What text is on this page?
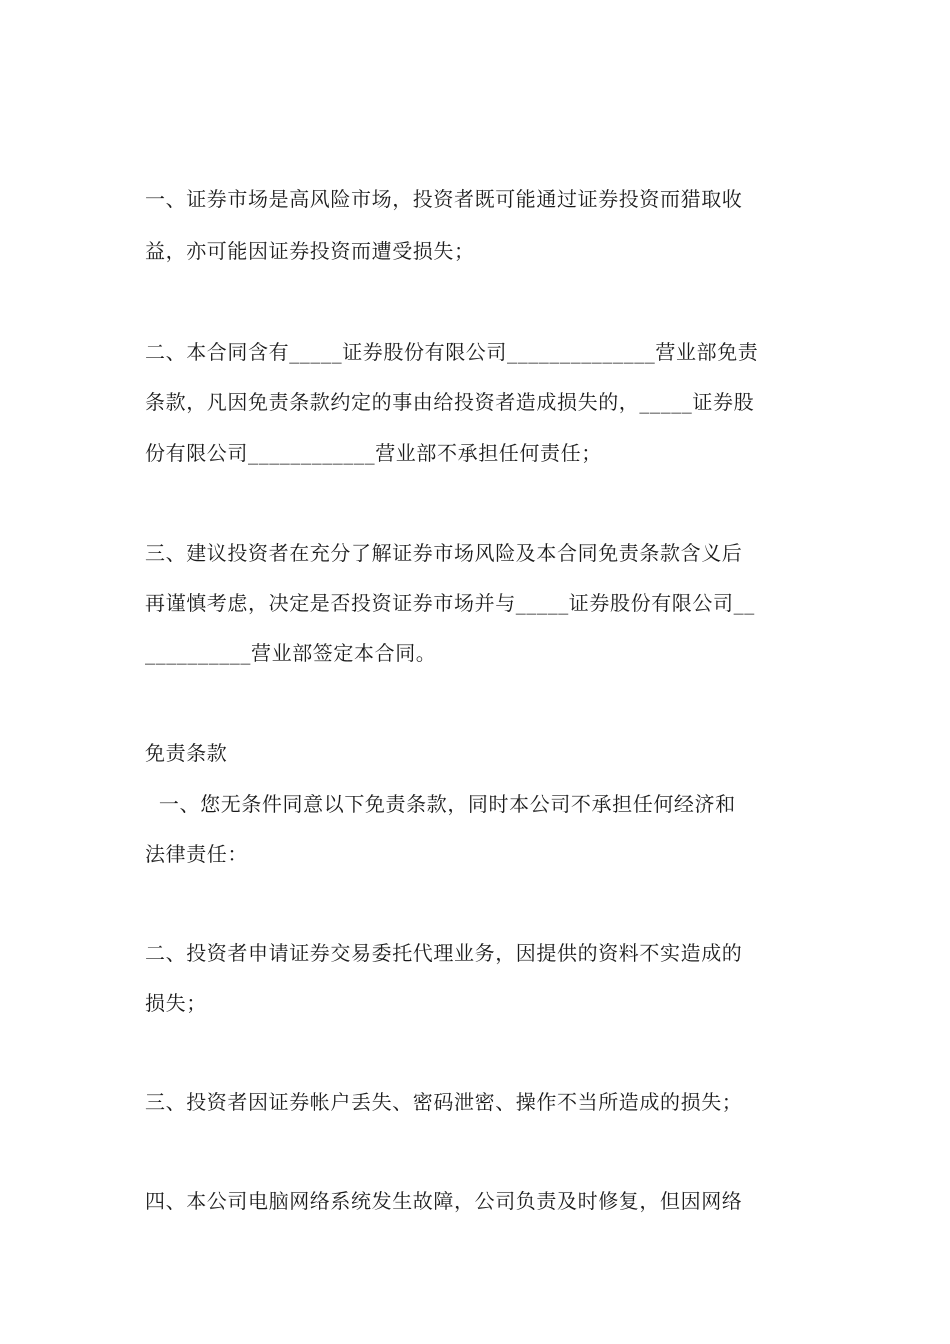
一、证券市场是高风险市场，投资者既可能通过证券投资而猎取收
益，亦可能因证券投资而遭受损失；
二、本合同含有_____证券股份有限公司______________营业部免责
条款，凡因免责条款约定的事由给投资者造成损失的，_____证券股
份有限公司____________营业部不承担任何责任；
三、建议投资者在充分了解证券市场风险及本合同免责条款含义后
再谨慎考虑，决定是否投资证券市场并与_____证券股份有限公司__
__________营业部签定本合同。
免责条款
一、您无条件同意以下免责条款，同时本公司不承担任何经济和
法律责任：
二、投资者申请证券交易委托代理业务，因提供的资料不实造成的
损失；
三、投资者因证券帐户丢失、密码泄密、操作不当所造成的损失；
四、本公司电脑网络系统发生故障，公司负责及时修复，但因网络
